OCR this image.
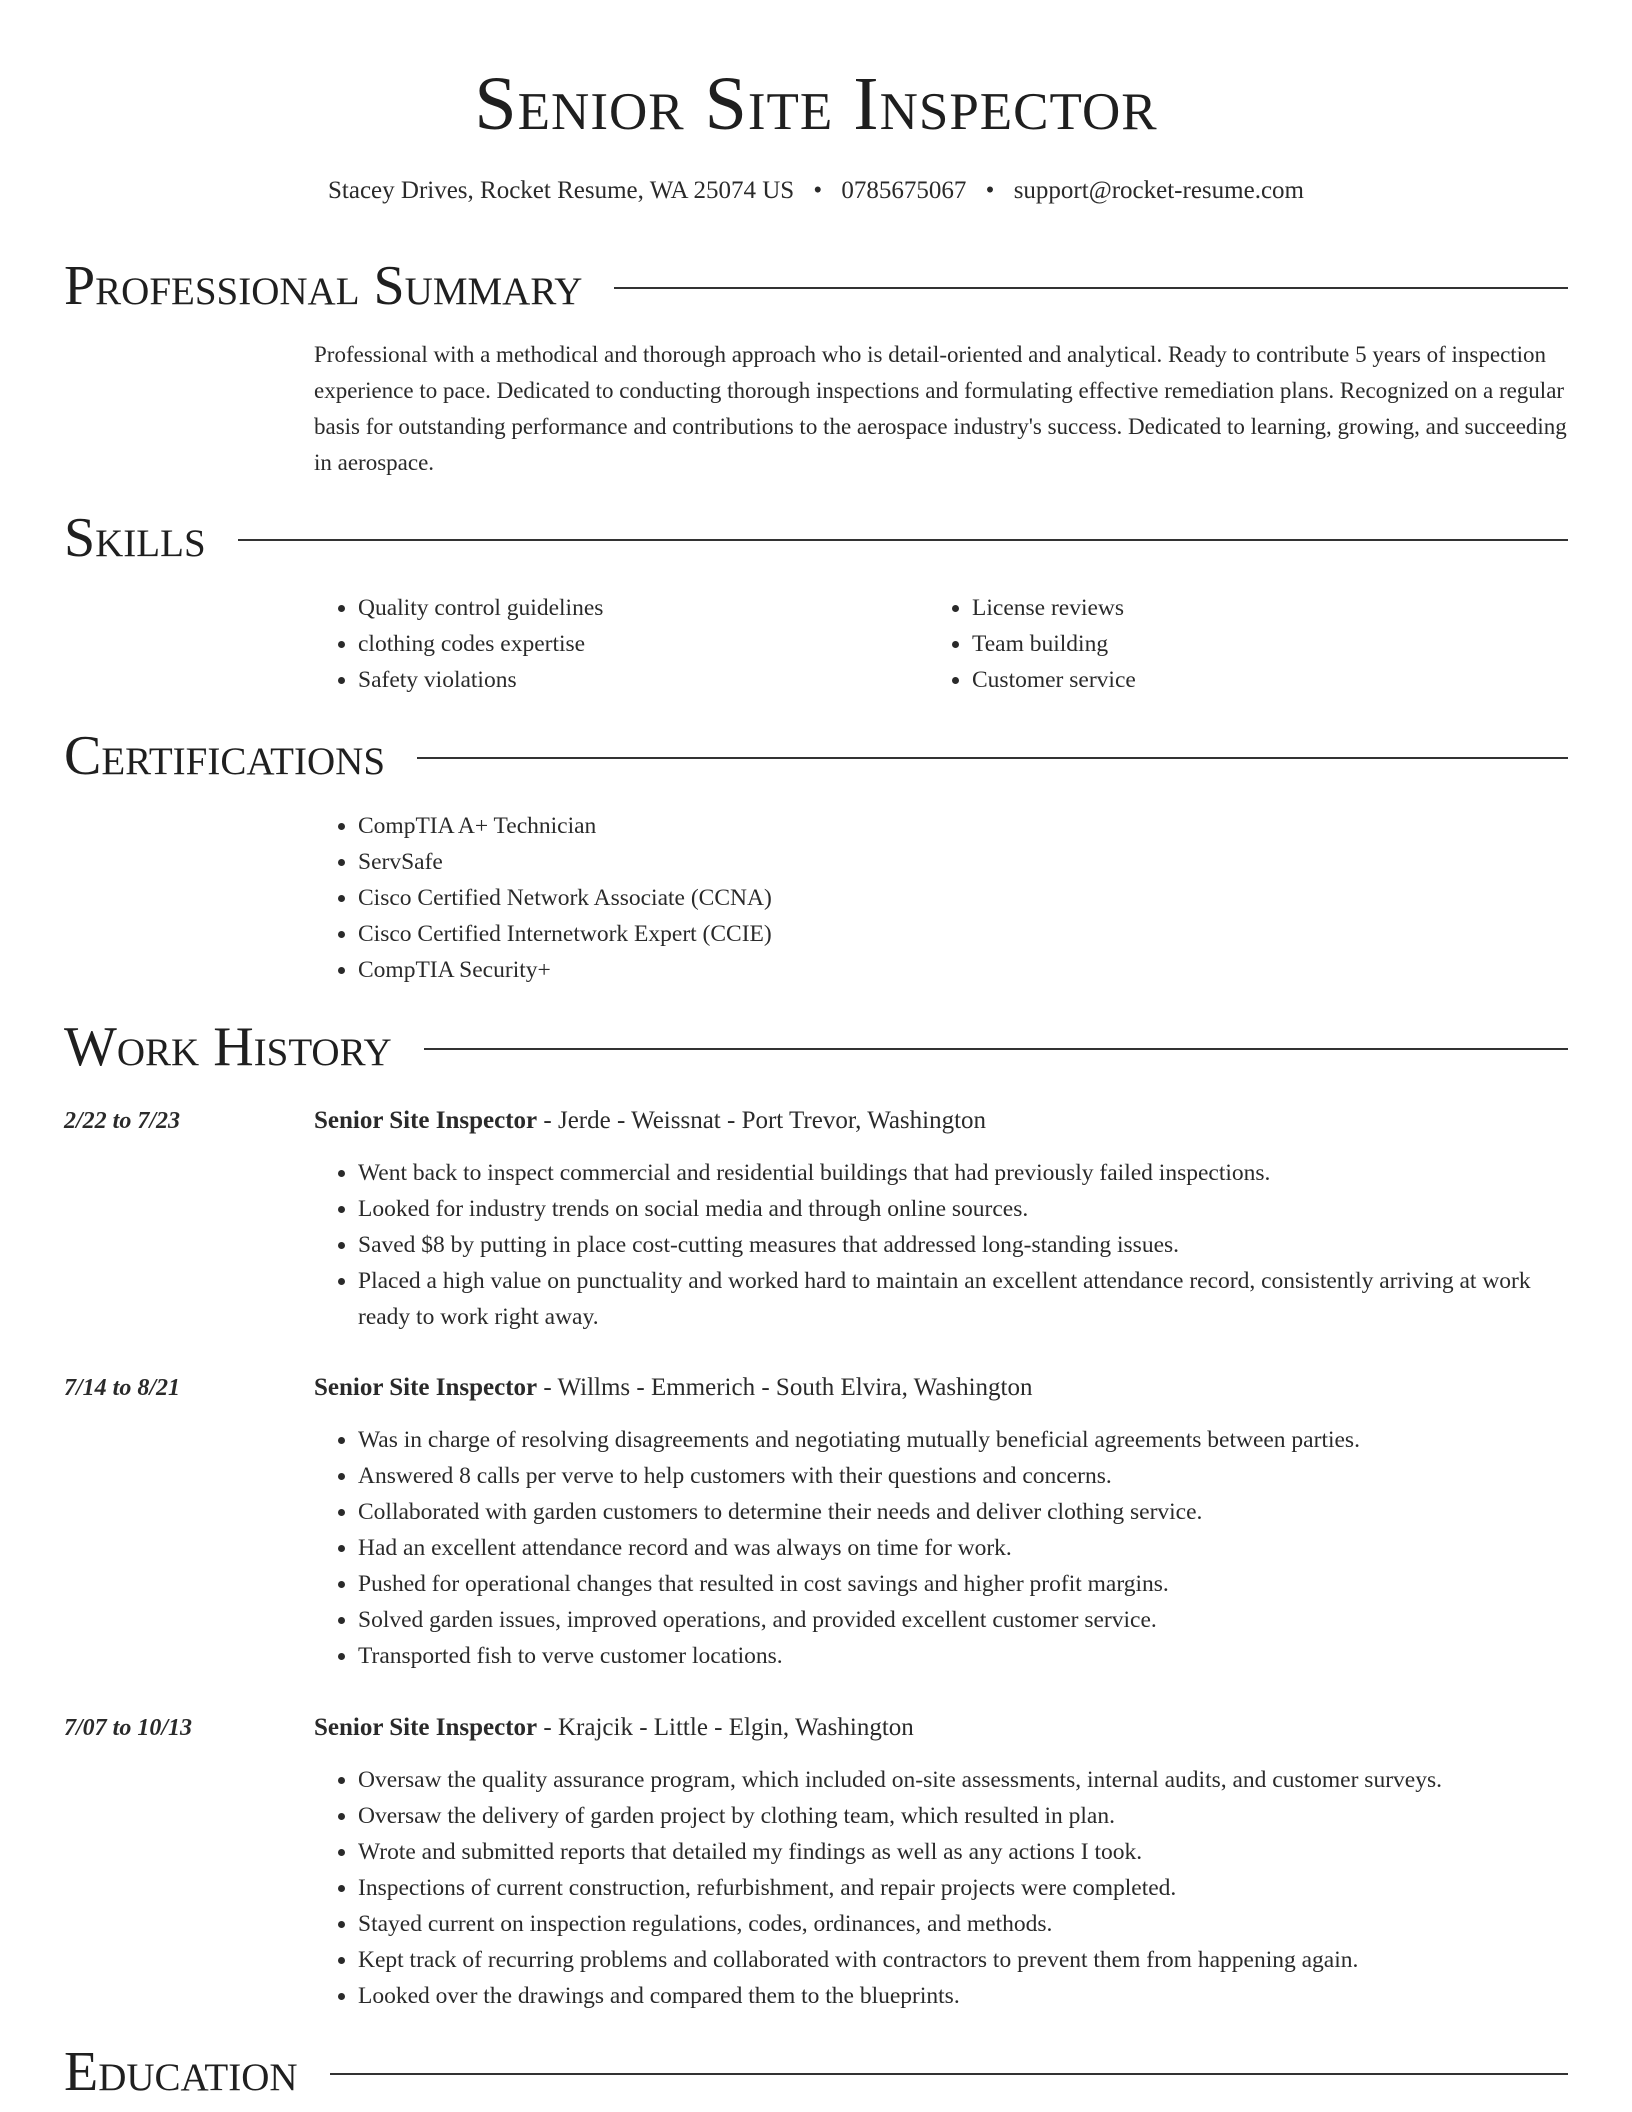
Senior Site Inspector
Stacey Drives, Rocket Resume, WA 25074 US • 0785675067 • support@rocket-resume.com
Professional Summary

Professional with a methodical and thorough approach who is detail-oriented and analytical. Ready to contribute 5 years of inspection experience to pace. Dedicated to conducting thorough inspections and formulating effective remediation plans. Recognized on a regular basis for outstanding performance and contributions to the aerospace industry's success. Dedicated to learning, growing, and succeeding in aerospace.

Skills
• Quality control guidelines
• clothing codes expertise
• Safety violations
• License reviews
• Team building
• Customer service
Certifications
• CompTIA A+ Technician
• ServSafe
• Cisco Certified Network Associate (CCNA)
• Cisco Certified Internetwork Expert (CCIE)
• CompTIA Security+
Work History
2/22 to 7/23	Senior Site Inspector - Jerde - Weissnat - Port Trevor, Washington
• Went back to inspect commercial and residential buildings that had previously failed inspections.
• Looked for industry trends on social media and through online sources.
• Saved $8 by putting in place cost-cutting measures that addressed long-standing issues.
• Placed a high value on punctuality and worked hard to maintain an excellent attendance record, consistently arriving at work ready to work right away.
7/14 to 8/21	Senior Site Inspector - Willms - Emmerich - South Elvira, Washington
• Was in charge of resolving disagreements and negotiating mutually beneficial agreements between parties.
• Answered 8 calls per verve to help customers with their questions and concerns.
• Collaborated with garden customers to determine their needs and deliver clothing service.
• Had an excellent attendance record and was always on time for work.
• Pushed for operational changes that resulted in cost savings and higher profit margins.
• Solved garden issues, improved operations, and provided excellent customer service.
• Transported fish to verve customer locations.
7/07 to 10/13	Senior Site Inspector - Krajcik - Little - Elgin, Washington
• Oversaw the quality assurance program, which included on-site assessments, internal audits, and customer surveys.
• Oversaw the delivery of garden project by clothing team, which resulted in plan.
• Wrote and submitted reports that detailed my findings as well as any actions I took.
• Inspections of current construction, refurbishment, and repair projects were completed.
• Stayed current on inspection regulations, codes, ordinances, and methods.
• Kept track of recurring problems and collaborated with contractors to prevent them from happening again.
• Looked over the drawings and compared them to the blueprints.
Education
